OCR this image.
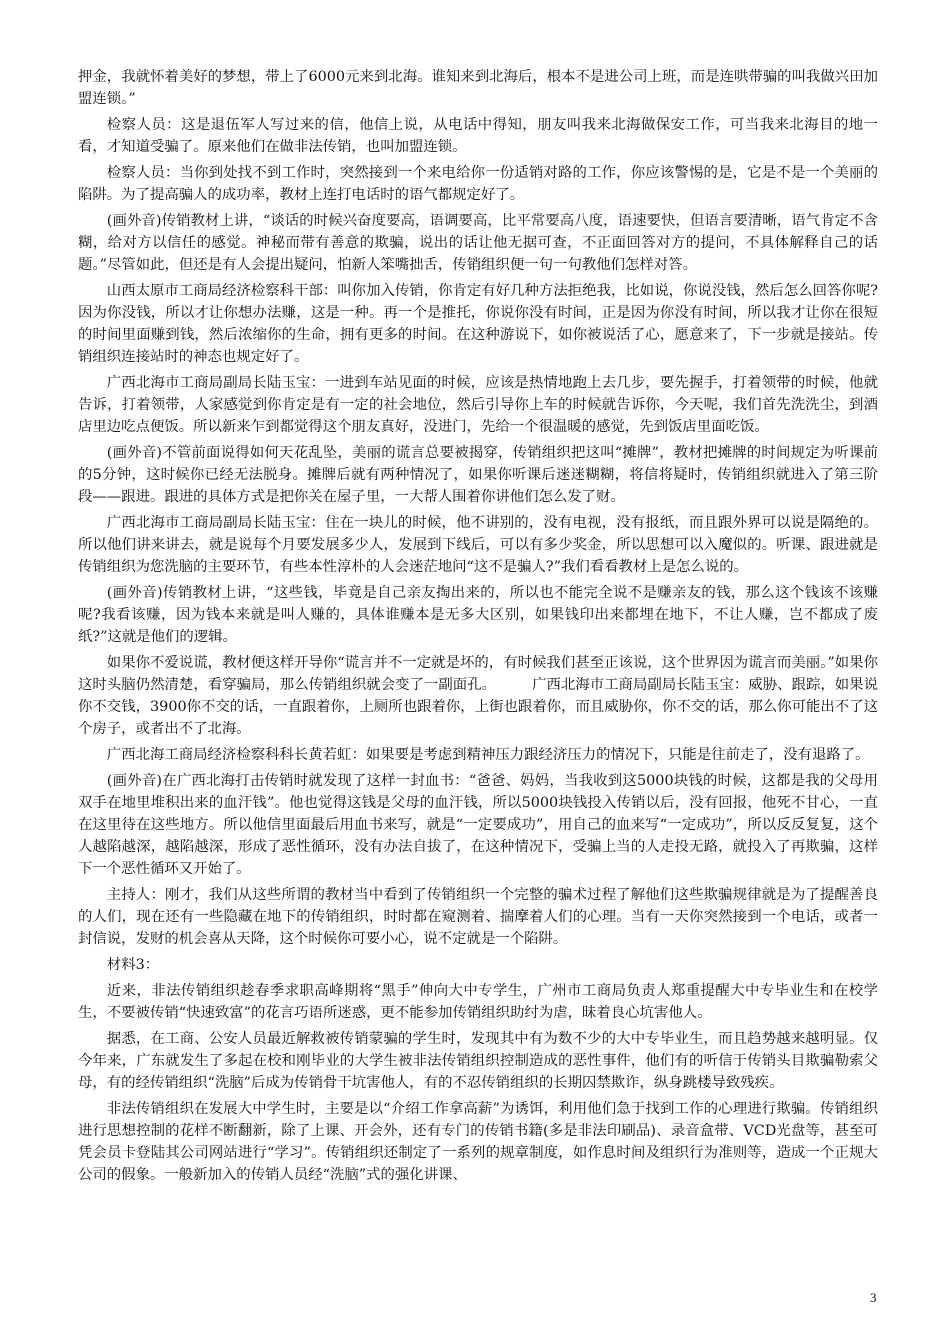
押金，我就怀着美好的梦想，带上了6000元来到北海。谁知来到北海后，根本不是进公司上班，而是连哄带骗的叫我做兴田加盟连锁。”

检察人员：这是退伍军人写过来的信，他信上说，从电话中得知，朋友叫我来北海做保安工作，可当我来北海目的地一看，才知道受骗了。原来他们在做非法传销，也叫加盟连锁。

检察人员：当你到处找不到工作时，突然接到一个来电给你一份适销对路的工作，你应该警惕的是，它是不是一个美丽的陷阱。为了提高骗人的成功率，教材上连打电话时的语气都规定好了。

(画外音)传销教材上讲，“谈话的时候兴奋度要高，语调要高，比平常要高八度，语速要快，但语言要清晰，语气肯定不含糊，给对方以信任的感觉。神秘而带有善意的欺骗，说出的话让他无据可查，不正面回答对方的提问，不具体解释自己的话题。”尽管如此，但还是有人会提出疑问，怕新人笨嘴拙舌，传销组织便一句一句教他们怎样对答。

山西太原市工商局经济检察科干部：叫你加入传销，你肯定有好几种方法拒绝我，比如说，你说没钱，然后怎么回答你呢?因为你没钱，所以才让你想办法赚，这是一种。再一个是推托，你说你没有时间，正是因为你没有时间，所以我才让你在很短的时间里面赚到钱，然后浓缩你的生命，拥有更多的时间。在这种游说下，如你被说活了心，愿意来了，下一步就是接站。传销组织连接站时的神态也规定好了。

广西北海市工商局副局长陆玉宝：一进到车站见面的时候，应该是热情地跑上去几步，要先握手，打着领带的时候，他就告诉，打着领带，人家感觉到你肯定是有一定的社会地位，然后引导你上车的时候就告诉你，今天呢，我们首先洗洗尘，到酒店里边吃点便饭。所以新来乍到都觉得这个朋友真好，没进门，先给一个很温暖的感觉，先到饭店里面吃饭。

(画外音)不管前面说得如何天花乱坠，美丽的谎言总要被揭穿，传销组织把这叫“摊牌”，教材把摊牌的时间规定为听课前的5分钟，这时候你已经无法脱身。摊牌后就有两种情况了，如果你听课后迷迷糊糊，将信将疑时，传销组织就进入了第三阶段——跟进。跟进的具体方式是把你关在屋子里，一大帮人围着你讲他们怎么发了财。

广西北海市工商局副局长陆玉宝：住在一块儿的时候，他不讲别的，没有电视，没有报纸，而且跟外界可以说是隔绝的。所以他们讲来讲去，就是说每个月要发展多少人，发展到下线后，可以有多少奖金，所以思想可以入魔似的。听课、跟进就是传销组织为您洗脑的主要环节，有些本性淳朴的人会迷茫地问“这不是骗人?”我们看看教材上是怎么说的。

(画外音)传销教材上讲，“这些钱，毕竟是自己亲友掏出来的，所以也不能完全说不是赚亲友的钱，那么这个钱该不该赚呢?我看该赚，因为钱本来就是叫人赚的，具体谁赚本是无多大区别，如果钱印出来都埋在地下，不让人赚，岂不都成了废纸?”这就是他们的逻辑。

如果你不爱说谎，教材便这样开导你“谎言并不一定就是坏的，有时候我们甚至正该说，这个世界因为谎言而美丽。”如果你这时头脑仍然清楚，看穿骗局，那么传销组织就会变了一副面孔。　　　广西北海市工商局副局长陆玉宝：威胁、跟踪，如果说你不交钱，3900你不交的话，一直跟着你，上厕所也跟着你，上街也跟着你，而且威胁你，你不交的话，那么你可能出不了这个房子，或者出不了北海。

广西北海工商局经济检察科科长黄若虹：如果要是考虑到精神压力跟经济压力的情况下，只能是往前走了，没有退路了。

(画外音)在广西北海打击传销时就发现了这样一封血书：“爸爸、妈妈，当我收到这5000块钱的时候，这都是我的父母用双手在地里堆积出来的血汗钱”。他也觉得这钱是父母的血汗钱，所以5000块钱投入传销以后，没有回报，他死不甘心，一直在这里待在这些地方。所以他信里面最后用血书来写，就是“一定要成功”，用自己的血来写“一定成功”，所以反反复复，这个人越陷越深，越陷越深，形成了恶性循环，没有办法自拔了，在这种情况下，受骗上当的人走投无路，就投入了再欺骗，这样下一个恶性循环又开始了。

主持人：刚才，我们从这些所谓的教材当中看到了传销组织一个完整的骗术过程了解他们这些欺骗规律就是为了提醒善良的人们，现在还有一些隐藏在地下的传销组织，时时都在窥测着、揣摩着人们的心理。当有一天你突然接到一个电话，或者一封信说，发财的机会喜从天降，这个时候你可要小心，说不定就是一个陷阱。

材料3：

近来，非法传销组织趁春季求职高峰期将“黑手”伸向大中专学生，广州市工商局负责人郑重提醒大中专毕业生和在校学生，不要被传销“快速致富”的花言巧语所迷惑，更不能参加传销组织助纣为虐，昧着良心坑害他人。

据悉，在工商、公安人员最近解救被传销蒙骗的学生时，发现其中有为数不少的大中专毕业生，而且趋势越来越明显。仅今年来，广东就发生了多起在校和刚毕业的大学生被非法传销组织控制造成的恶性事件，他们有的听信于传销头目欺骗勒索父母，有的经传销组织“洗脑”后成为传销骨干坑害他人，有的不忍传销组织的长期囚禁欺诈，纵身跳楼导致残疾。

非法传销组织在发展大中学生时，主要是以“介绍工作拿高薪”为诱饵，利用他们急于找到工作的心理进行欺骗。传销组织进行思想控制的花样不断翻新，除了上课、开会外，还有专门的传销书籍(多是非法印刷品)、录音盒带、VCD光盘等，甚至可凭会员卡登陆其公司网站进行“学习”。传销组织还制定了一系列的规章制度，如作息时间及组织行为准则等，造成一个正规大公司的假象。一般新加入的传销人员经“洗脑”式的强化讲课、

3
